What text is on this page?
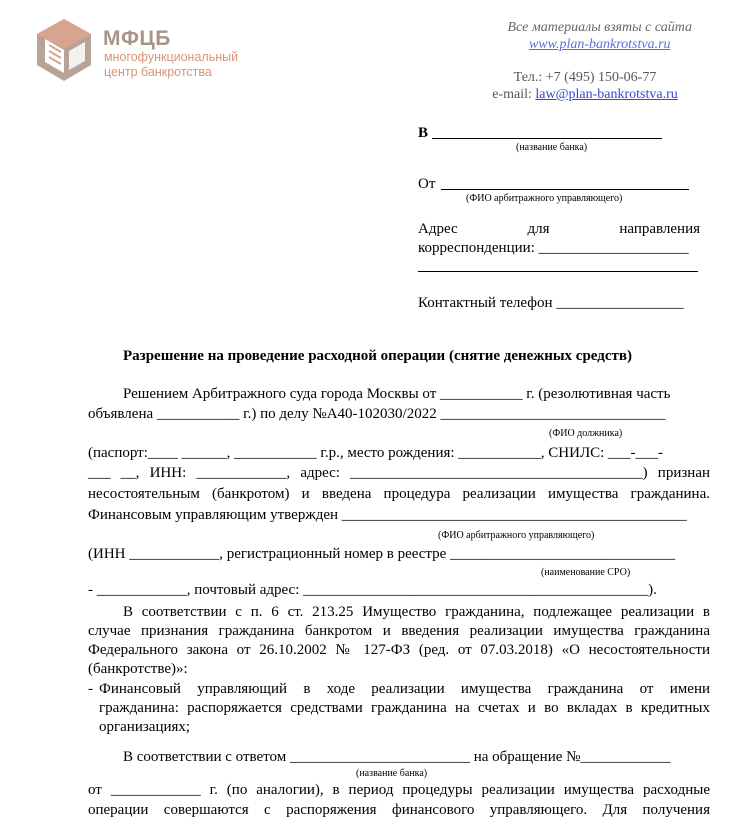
МФЦБ
многофункциональный
центр банкротства
Все материалы взяты с сайта
www.plan-bankrotstva.ru
Тел.: +7 (495) 150-06-77
e-mail: law@plan-bankrotstva.ru
В
(название банка)
От
(ФИО арбитражного управляющего)
Адрес	для	направления
корреспонденции: ____________________
Контактный телефон _________________
Разрешение на проведение расходной операции (снятие денежных средств)
Решением Арбитражного суда города Москвы от ___________ г. (резолютивная часть
объявлена ___________ г.) по делу №А40-102030/2022 ______________________________
(ФИО должника)
(паспорт:____ ______, ___________ г.р., место рождения: ___________, СНИЛС: ___-___-
___ __, ИНН: ____________, адрес: _______________________________________) признан
несостоятельным (банкротом) и введена процедура реализации имущества гражданина.
Финансовым управляющим утвержден ______________________________________________
(ФИО арбитражного управляющего)
(ИНН ____________, регистрационный номер в реестре ______________________________
(наименование СРО)
- ____________, почтовый адрес: ______________________________________________).
В соответствии с п. 6 ст. 213.25 Имущество гражданина, подлежащее реализации в
случае признания гражданина банкротом и введения реализации имущества гражданина
Федерального закона от 26.10.2002 № 127-ФЗ (ред. от 07.03.2018) «О несостоятельности
(банкротстве)»:
- Финансовый управляющий в ходе реализации имущества гражданина от имени
гражданина: распоряжается средствами гражданина на счетах и во вкладах в кредитных
организациях;
В соответствии с ответом ________________________ на обращение №____________
(название банка)
от ____________ г. (по аналогии), в период процедуры реализации имущества расходные
операции совершаются с распоряжения финансового управляющего. Для получения
